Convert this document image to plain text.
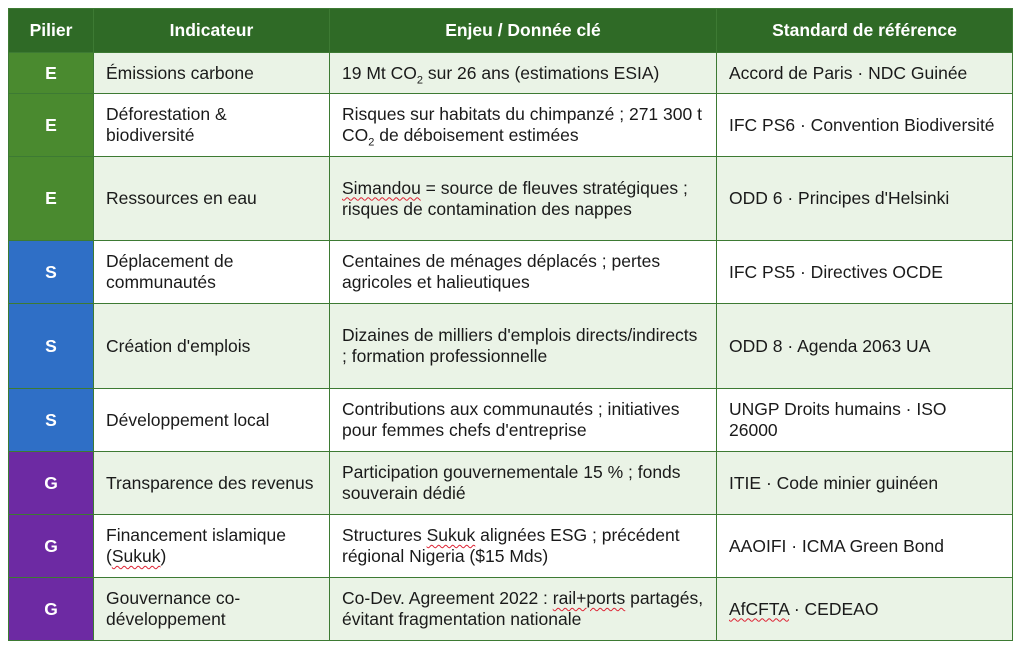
Pilier	Indicateur	Enjeu / Donnée clé	Standard de référence
E	Émissions carbone	19 Mt $CO_2$ sur 26 ans (estimations ESIA)	Accord de Paris · NDC Guinée
E	Déforestation & biodiversité	Risques sur habitats du chimpanzé ; 271 300 t $CO_2$ de déboisement estimées	IFC PS6 · Convention Biodiversité
E	Ressources en eau	Simandou = source de fleuves stratégiques ; risques de contamination des nappes	ODD 6 · Principes d'Helsinki
S	Déplacement de communautés	Centaines de ménages déplacés ; pertes agricoles et halieutiques	IFC PS5 · Directives OCDE
S	Création d'emplois	Dizaines de milliers d'emplois directs/indirects ; formation professionnelle	ODD 8 · Agenda 2063 UA
S	Développement local	Contributions aux communautés ; initiatives pour femmes chefs d'entreprise	UNGP Droits humains · ISO 26000
G	Transparence des revenus	Participation gouvernementale 15 % ; fonds souverain dédié	ITIE · Code minier guinéen
G	Financement islamique (Sukuk)	Structures Sukuk alignées ESG ; précédent régional Nigeria ($15 Mds)	AAOIFI · ICMA Green Bond
G	Gouvernance co-développement	Co-Dev. Agreement 2022 : rail+ports partagés, évitant fragmentation nationale	AfCFTA · CEDEAO
